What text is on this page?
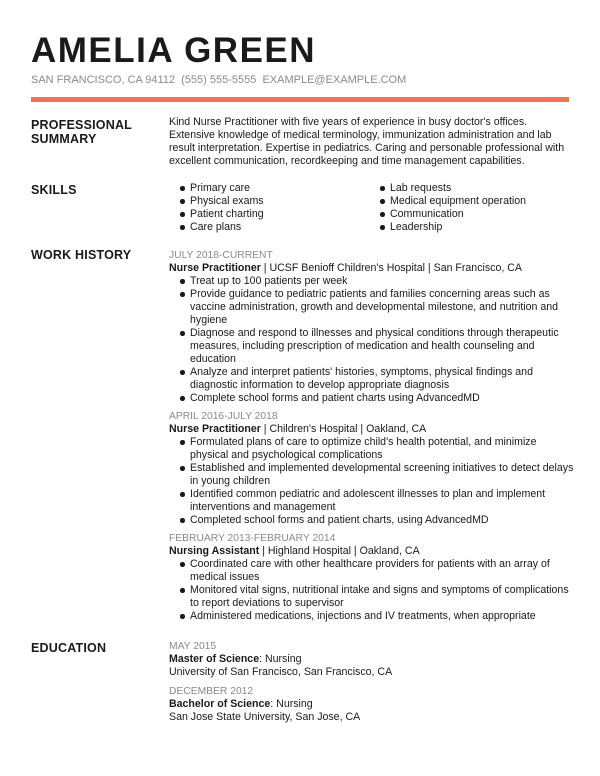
AMELIA GREEN
SAN FRANCISCO, CA 94112 (555) 555-5555 EXAMPLE@EXAMPLE.COM
PROFESSIONAL
SUMMARY

Kind Nurse Practitioner with five years of experience in busy doctor's offices. Extensive knowledge of medical terminology, immunization administration and lab result interpretation. Expertise in pediatrics. Caring and personable professional with excellent communication, recordkeeping and time management capabilities.

SKILLS	Primary care
Physical exams
Patient charting
Care plans
Lab requests
Medical equipment operation
Communication
Leadership
WORK HISTORY	JULY 2018-CURRENT
Nurse Practitioner | UCSF Benioff Children's Hospital | San Francisco, CA
Treat up to 100 patients per week
Provide guidance to pediatric patients and families concerning areas such as vaccine administration, growth and developmental milestone, and nutrition and hygiene
Diagnose and respond to illnesses and physical conditions through therapeutic measures, including prescription of medication and health counseling and education
Analyze and interpret patients' histories, symptoms, physical findings and diagnostic information to develop appropriate diagnosis
Complete school forms and patient charts using AdvancedMD
APRIL 2016-JULY 2018
Nurse Practitioner | Children's Hospital | Oakland, CA
Formulated plans of care to optimize child's health potential, and minimize physical and psychological complications
Established and implemented developmental screening initiatives to detect delays in young children
Identified common pediatric and adolescent illnesses to plan and implement interventions and management
Completed school forms and patient charts, using AdvancedMD
FEBRUARY 2013-FEBRUARY 2014
Nursing Assistant | Highland Hospital | Oakland, CA
Coordinated care with other healthcare providers for patients with an array of medical issues
Monitored vital signs, nutritional intake and signs and symptoms of complications to report deviations to supervisor
Administered medications, injections and IV treatments, when appropriate
EDUCATION	MAY 2015
Master of Science: Nursing
University of San Francisco, San Francisco, CA
DECEMBER 2012
Bachelor of Science: Nursing
San Jose State University, San Jose, CA
